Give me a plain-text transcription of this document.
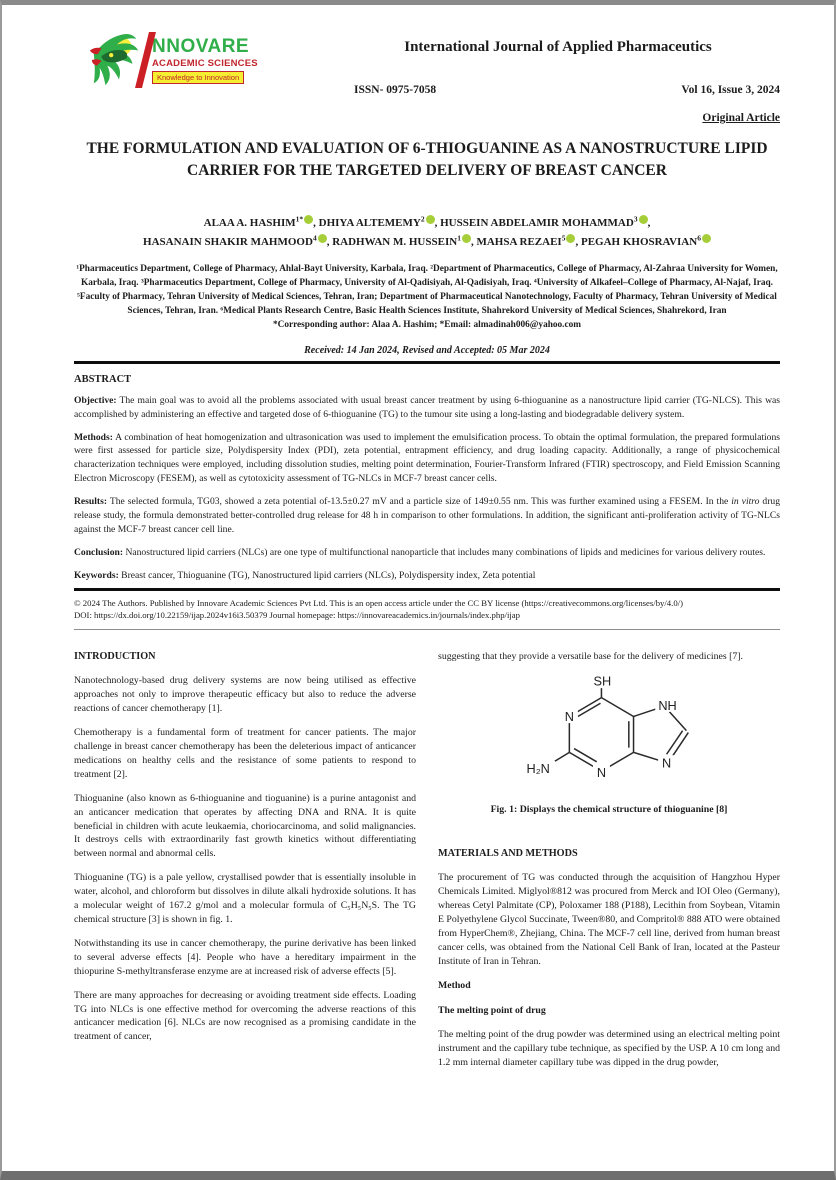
NNOVARE
ACADEMIC SCIENCES
Knowledge to Innovation
International Journal of Applied Pharmaceutics
ISSN- 0975-7058	Vol 16, Issue 3, 2024
Original Article
THE FORMULATION AND EVALUATION OF 6-THIOGUANINE AS A NANOSTRUCTURE LIPID CARRIER FOR THE TARGETED DELIVERY OF BREAST CANCER
ALAA A. $HASHIM^{1*}$ , DHIYA ALTEMEMY$^2$ , HUSSEIN ABDELAMIR MOHAMMAD$^3$, HASANAIN SHAKIR MAHMOOD$^4$ , RADHWAN M. HUSSEIN$^1$ , MAHSA REZAEI$^5$ , PEGAH KHOSRAVIAN$^6$
¹Pharmaceutics Department, College of Pharmacy, Ahlal-Bayt University, Karbala, Iraq. ²Department of Pharmaceutics, College of Pharmacy, Al-Zahraa University for Women, Karbala, Iraq. ³Pharmaceutics Department, College of Pharmacy, University of Al-Qadisiyah, Al-Qadisiyah, Iraq. ⁴University of Alkafeel–College of Pharmacy, Al-Najaf, Iraq. ⁵Faculty of Pharmacy, Tehran University of Medical Sciences, Tehran, Iran; Department of Pharmaceutical Nanotechnology, Faculty of Pharmacy, Tehran University of Medical Sciences, Tehran, Iran. ⁶Medical Plants Research Centre, Basic Health Sciences Institute, Shahrekord University of Medical Sciences, Shahrekord, Iran
*Corresponding author: Alaa A. Hashim; *Email: almadinah006@yahoo.com
Received: 14 Jan 2024, Revised and Accepted: 05 Mar 2024
ABSTRACT

Objective: The main goal was to avoid all the problems associated with usual breast cancer treatment by using 6-thioguanine as a nanostructure lipid carrier (TG-NLCS). This was accomplished by administering an effective and targeted dose of 6-thioguanine (TG) to the tumour site using a long-lasting and biodegradable delivery system.

Methods: A combination of heat homogenization and ultrasonication was used to implement the emulsification process. To obtain the optimal formulation, the prepared formulations were first assessed for particle size, Polydispersity Index (PDI), zeta potential, entrapment efficiency, and drug loading capacity. Additionally, a range of physicochemical characterization techniques were employed, including dissolution studies, melting point determination, Fourier-Transform Infrared (FTIR) spectroscopy, and Field Emission Scanning Electron Microscopy (FESEM), as well as cytotoxicity assessment of TG-NLCs in MCF-7 breast cancer cells.

Results: The selected formula, TG03, showed a zeta potential of-13.5±0.27 mV and a particle size of 149±0.55 nm. This was further examined using a FESEM. In the in vitro drug release study, the formula demonstrated better-controlled drug release for 48 h in comparison to other formulations. In addition, the significant anti-proliferation activity of TG-NLCs against the MCF-7 breast cancer cell line.

Conclusion: Nanostructured lipid carriers (NLCs) are one type of multifunctional nanoparticle that includes many combinations of lipids and medicines for various delivery routes.

Keywords: Breast cancer, Thioguanine (TG), Nanostructured lipid carriers (NLCs), Polydispersity index, Zeta potential

© 2024 The Authors. Published by Innovare Academic Sciences Pvt Ltd. This is an open access article under the CC BY license (https://creativecommons.org/licenses/by/4.0/)
DOI: https://dx.doi.org/10.22159/ijap.2024v16i3.50379 Journal homepage: https://innovareacademics.in/journals/index.php/ijap
INTRODUCTION

Nanotechnology-based drug delivery systems are now being utilised as effective approaches not only to improve therapeutic efficacy but also to reduce the adverse reactions of cancer chemotherapy [1].

Chemotherapy is a fundamental form of treatment for cancer patients. The major challenge in breast cancer chemotherapy has been the deleterious impact of anticancer medications on healthy cells and the resistance of some patients to respond to treatment [2].

Thioguanine (also known as 6-thioguanine and tioguanine) is a purine antagonist and an anticancer medication that operates by affecting DNA and RNA. It is quite beneficial in children with acute leukaemia, choriocarcinoma, and solid malignancies. It destroys cells with extraordinarily fast growth kinetics without differentiating between normal and abnormal cells.

Thioguanine (TG) is a pale yellow, crystallised powder that is essentially insoluble in water, alcohol, and chloroform but dissolves in dilute alkali hydroxide solutions. It has a molecular weight of 167.2 g/mol and a molecular formula of C₅H₅N₅S. The TG chemical structure [3] is shown in fig. 1.

Notwithstanding its use in cancer chemotherapy, the purine derivative has been linked to several adverse effects [4]. People who have a hereditary impairment in the thiopurine S-methyltransferase enzyme are at increased risk of adverse effects [5].

There are many approaches for decreasing or avoiding treatment side effects. Loading TG into NLCs is one effective method for overcoming the adverse reactions of this anticancer medication [6]. NLCs are now recognised as a promising candidate in the treatment of cancer,

suggesting that they provide a versatile base for the delivery of medicines [7].

SH
N
N
NH
N
H₂N
Fig. 1: Displays the chemical structure of thioguanine [8]
MATERIALS AND METHODS

The procurement of TG was conducted through the acquisition of Hangzhou Hyper Chemicals Limited. Miglyol®812 was procured from Merck and IOI Oleo (Germany), whereas Cetyl Palmitate (CP), Poloxamer 188 (P188), Lecithin from Soybean, Vitamin E Polyethylene Glycol Succinate, Tween®80, and Compritol® 888 ATO were obtained from HyperChem®, Zhejiang, China. The MCF-7 cell line, derived from human breast cancer cells, was obtained from the National Cell Bank of Iran, located at the Pasteur Institute of Iran in Tehran.

Method
The melting point of drug

The melting point of the drug powder was determined using an electrical melting point instrument and the capillary tube technique, as specified by the USP. A 10 cm long and 1.2 mm internal diameter capillary tube was dipped in the drug powder,
